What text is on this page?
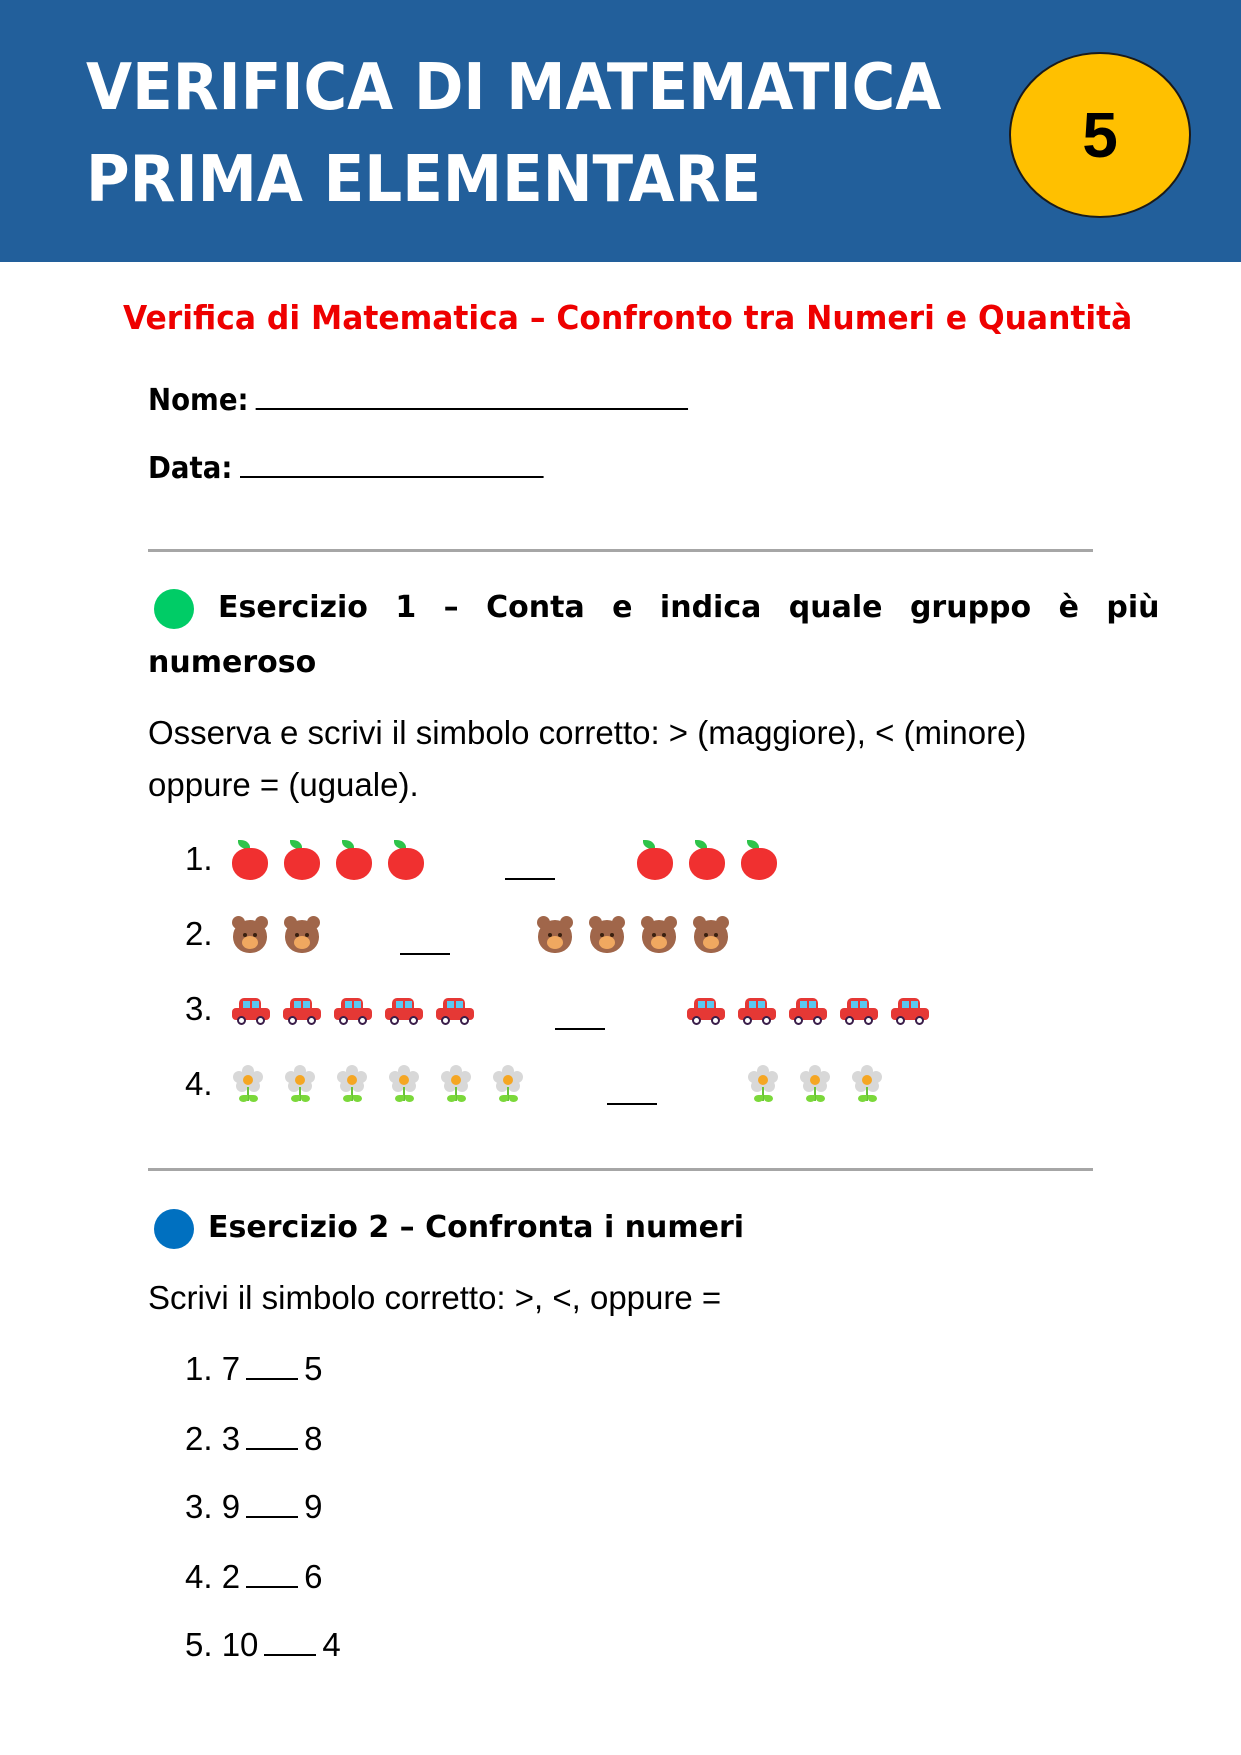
VERIFICA DI MATEMATICA
PRIMA ELEMENTARE
5
Verifica di Matematica – Confronto tra Numeri e Quantità
Nome:
Data:
Esercizio 1 – Conta e indica quale gruppo è più
numeroso
Osserva e scrivi il simbolo corretto: > (maggiore), < (minore)
oppure = (uguale).
1.
2.
3.
4.
Esercizio 2 – Confronta i numeri
Scrivi il simbolo corretto: >, <, oppure =
1. 7 5
2. 3 8
3. 9 9
4. 2 6
5. 10 4
